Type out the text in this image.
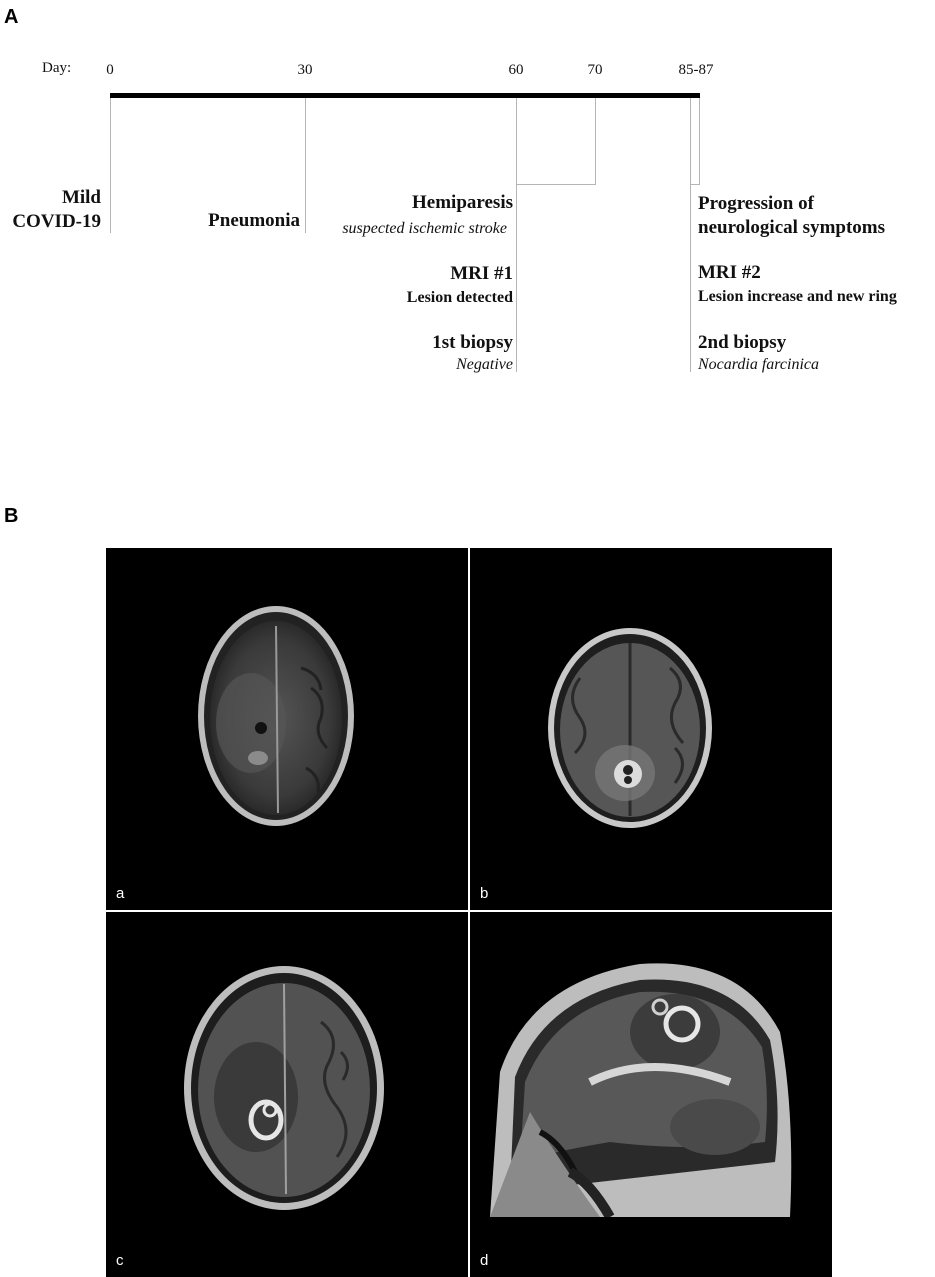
A
Day: 0	30	60	70	85-87
Mild
COVID-19	Pneumonia
Hemiparesis
suspected ischemic stroke
MRI #1
Lesion detected
1st biopsy
Negative
Progression of
neurological symptoms
MRI #2
Lesion increase and new ring
2nd biopsy
Nocardia farcinica
B
a	b
c	d
